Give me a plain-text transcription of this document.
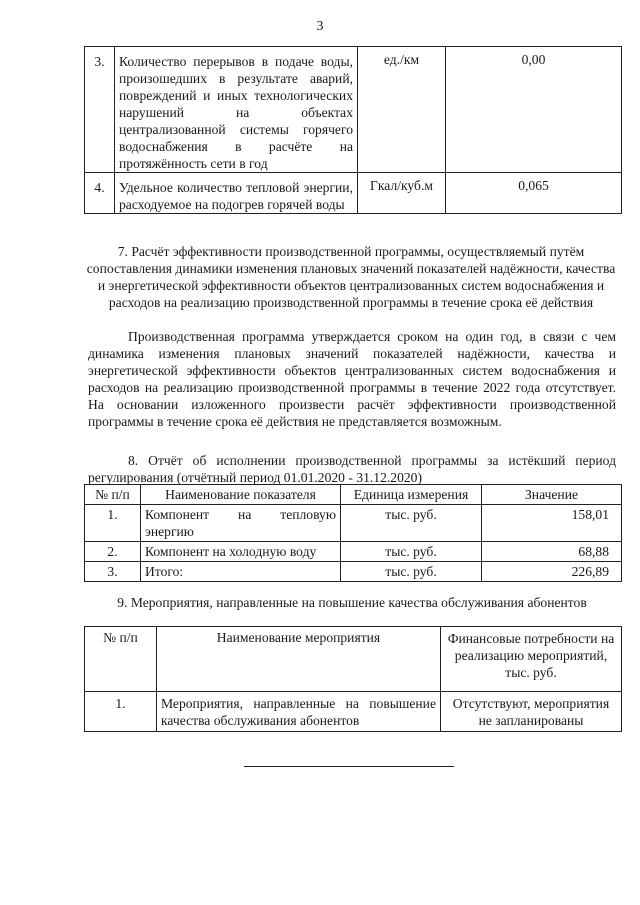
3
3.	Количество перерывов в подаче воды, произошедших в результате аварий, повреждений и иных технологических нарушений на объектах централизованной системы горячего водоснабжения в расчёте на протяжённость сети в год	ед./км	0,00
4.	Удельное количество тепловой энергии, расходуемое на подогрев горячей воды	Гкал/куб.м	0,065
7. Расчёт эффективности производственной программы, осуществляемый путём сопоставления динамики изменения плановых значений показателей надёжности, качества и энергетической эффективности объектов централизованных систем водоснабжения и расходов на реализацию производственной программы в течение срока её действия
Производственная программа утверждается сроком на один год, в связи с чем динамика изменения плановых значений показателей надёжности, качества и энергетической эффективности объектов централизованных систем водоснабжения и расходов на реализацию производственной программы в течение 2022 года отсутствует. На основании изложенного произвести расчёт эффективности производственной программы в течение срока её действия не представляется возможным.
8. Отчёт об исполнении производственной программы за истёкший период регулирования (отчётный период 01.01.2020 - 31.12.2020)
№ п/п	Наименование показателя	Единица измерения	Значение
1.	Компонент на тепловую энергию	тыс. руб.	158,01
2.	Компонент на холодную воду	тыс. руб.	68,88
3.	Итого:	тыс. руб.	226,89
9. Мероприятия, направленные на повышение качества обслуживания абонентов
№ п/п	Наименование мероприятия	Финансовые потребности на реализацию мероприятий, тыс. руб.
1.	Мероприятия, направленные на повышение качества обслуживания абонентов	Отсутствуют, мероприятия не запланированы
